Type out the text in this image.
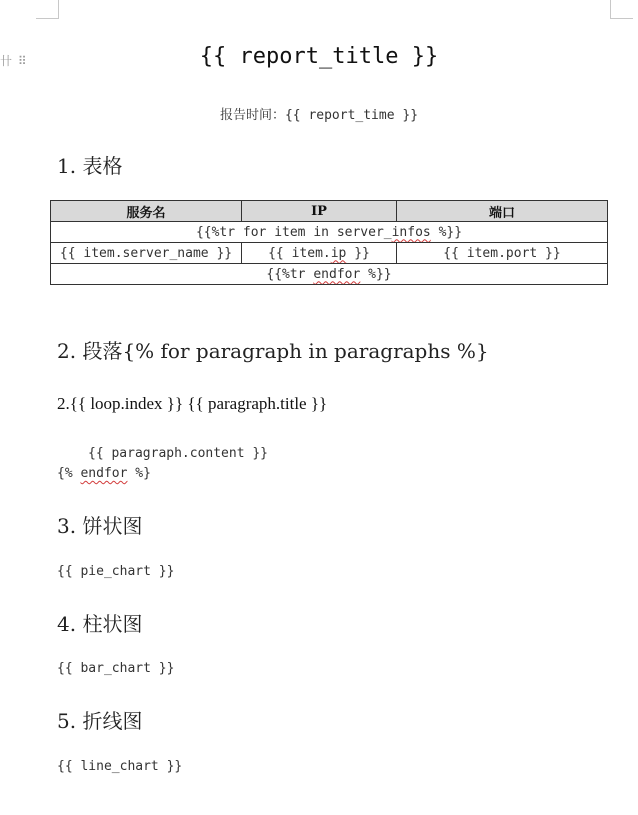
卄 ⠿	{{ report_title }}
报告时间：{{ report_time }}
1. 表格
服务名	IP	端口
{{%tr for item in server_infos %}}		
{{ item.server_name }}	{{ item.ip }}	{{ item.port }}
{{%tr endfor %}}		
2. 段落{% for paragraph in paragraphs %}
2.{{ loop.index }} {{ paragraph.title }}
{{ paragraph.content }}
{% endfor %}
3. 饼状图
{{ pie_chart }}
4. 柱状图
{{ bar_chart }}
5. 折线图
{{ line_chart }}
